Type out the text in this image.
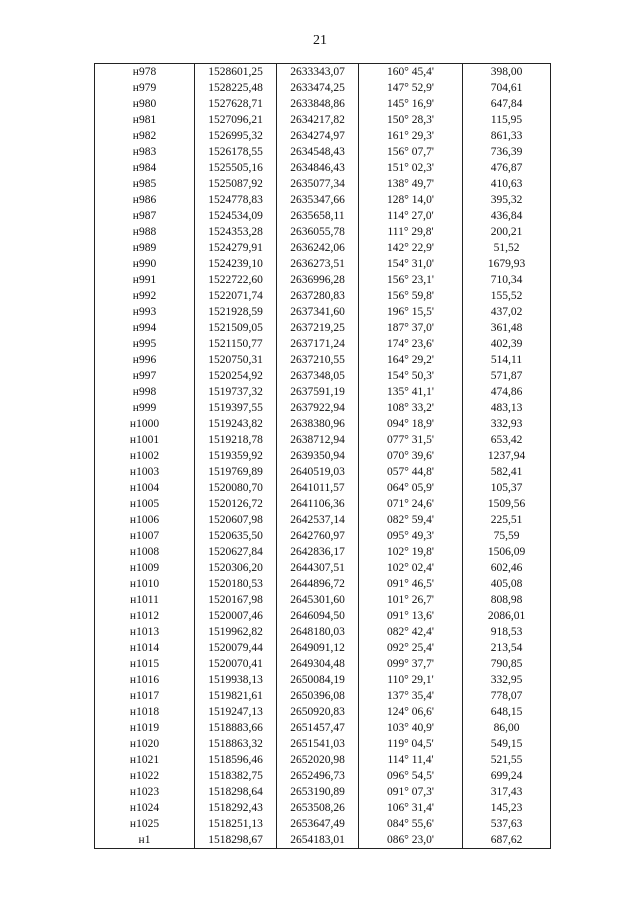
21
н978	1528601,25	2633343,07	160° 45,4'	398,00
н979	1528225,48	2633474,25	147° 52,9'	704,61
н980	1527628,71	2633848,86	145° 16,9'	647,84
н981	1527096,21	2634217,82	150° 28,3'	115,95
н982	1526995,32	2634274,97	161° 29,3'	861,33
н983	1526178,55	2634548,43	156° 07,7'	736,39
н984	1525505,16	2634846,43	151° 02,3'	476,87
н985	1525087,92	2635077,34	138° 49,7'	410,63
н986	1524778,83	2635347,66	128° 14,0'	395,32
н987	1524534,09	2635658,11	114° 27,0'	436,84
н988	1524353,28	2636055,78	111° 29,8'	200,21
н989	1524279,91	2636242,06	142° 22,9'	51,52
н990	1524239,10	2636273,51	154° 31,0'	1679,93
н991	1522722,60	2636996,28	156° 23,1'	710,34
н992	1522071,74	2637280,83	156° 59,8'	155,52
н993	1521928,59	2637341,60	196° 15,5'	437,02
н994	1521509,05	2637219,25	187° 37,0'	361,48
н995	1521150,77	2637171,24	174° 23,6'	402,39
н996	1520750,31	2637210,55	164° 29,2'	514,11
н997	1520254,92	2637348,05	154° 50,3'	571,87
н998	1519737,32	2637591,19	135° 41,1'	474,86
н999	1519397,55	2637922,94	108° 33,2'	483,13
н1000	1519243,82	2638380,96	094° 18,9'	332,93
н1001	1519218,78	2638712,94	077° 31,5'	653,42
н1002	1519359,92	2639350,94	070° 39,6'	1237,94
н1003	1519769,89	2640519,03	057° 44,8'	582,41
н1004	1520080,70	2641011,57	064° 05,9'	105,37
н1005	1520126,72	2641106,36	071° 24,6'	1509,56
н1006	1520607,98	2642537,14	082° 59,4'	225,51
н1007	1520635,50	2642760,97	095° 49,3'	75,59
н1008	1520627,84	2642836,17	102° 19,8'	1506,09
н1009	1520306,20	2644307,51	102° 02,4'	602,46
н1010	1520180,53	2644896,72	091° 46,5'	405,08
н1011	1520167,98	2645301,60	101° 26,7'	808,98
н1012	1520007,46	2646094,50	091° 13,6'	2086,01
н1013	1519962,82	2648180,03	082° 42,4'	918,53
н1014	1520079,44	2649091,12	092° 25,4'	213,54
н1015	1520070,41	2649304,48	099° 37,7'	790,85
н1016	1519938,13	2650084,19	110° 29,1'	332,95
н1017	1519821,61	2650396,08	137° 35,4'	778,07
н1018	1519247,13	2650920,83	124° 06,6'	648,15
н1019	1518883,66	2651457,47	103° 40,9'	86,00
н1020	1518863,32	2651541,03	119° 04,5'	549,15
н1021	1518596,46	2652020,98	114° 11,4'	521,55
н1022	1518382,75	2652496,73	096° 54,5'	699,24
н1023	1518298,64	2653190,89	091° 07,3'	317,43
н1024	1518292,43	2653508,26	106° 31,4'	145,23
н1025	1518251,13	2653647,49	084° 55,6'	537,63
н1	1518298,67	2654183,01	086° 23,0'	687,62
